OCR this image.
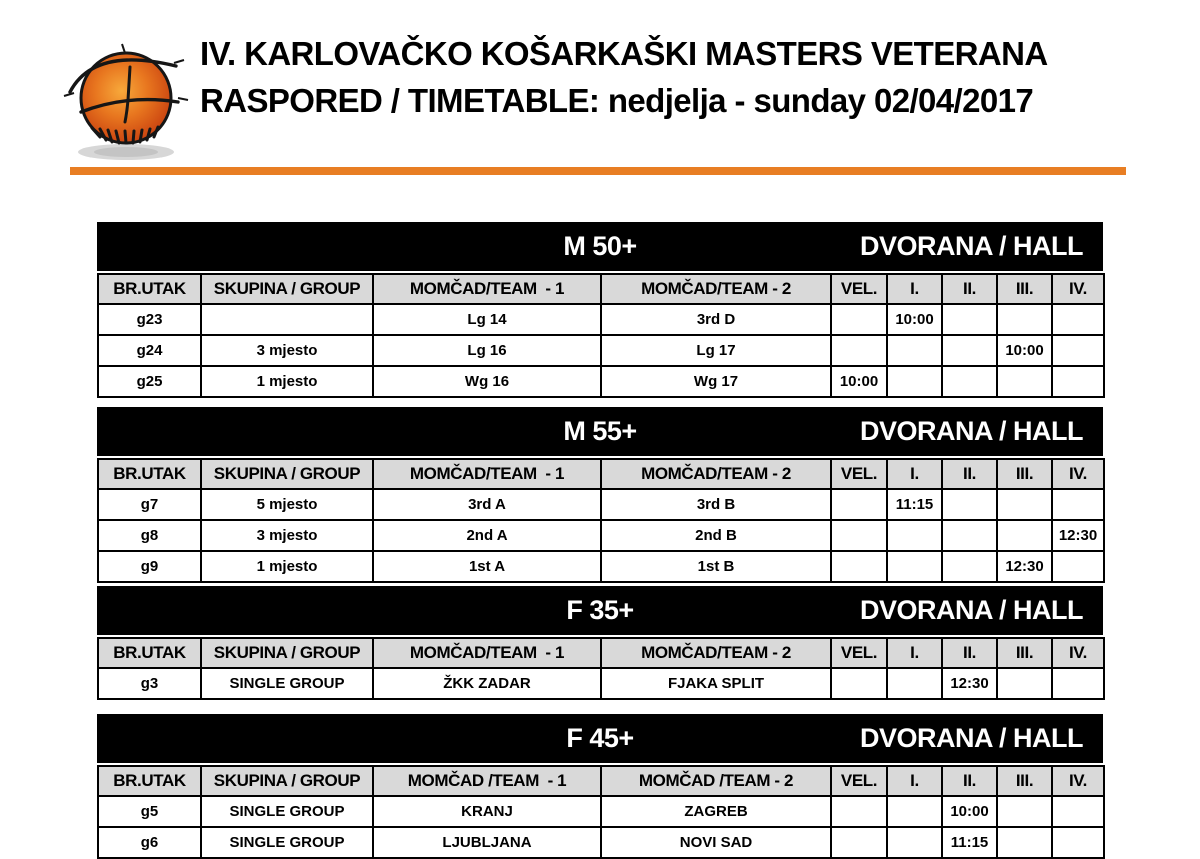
IV. KARLOVAČKO KOŠARKAŠKI MASTERS VETERANA
RASPORED / TIMETABLE: nedjelja - sunday 02/04/2017
M 50+	DVORANA / HALL
BR.UTAK	SKUPINA / GROUP	MOMČAD/TEAM  - 1	MOMČAD/TEAM - 2	VEL.	I.	II.	III.	IV.
g23		Lg 14	3rd D		10:00			
g24	3 mjesto	Lg 16	Lg 17				10:00	
g25	1 mjesto	Wg 16	Wg 17	10:00				
M 55+	DVORANA / HALL
BR.UTAK	SKUPINA / GROUP	MOMČAD/TEAM  - 1	MOMČAD/TEAM - 2	VEL.	I.	II.	III.	IV.
g7	5 mjesto	3rd A	3rd B		11:15			
g8	3 mjesto	2nd A	2nd B					12:30
g9	1 mjesto	1st A	1st B				12:30	
F 35+	DVORANA / HALL
BR.UTAK	SKUPINA / GROUP	MOMČAD/TEAM  - 1	MOMČAD/TEAM - 2	VEL.	I.	II.	III.	IV.
g3	SINGLE GROUP	ŽKK ZADAR	FJAKA SPLIT			12:30		
F 45+	DVORANA / HALL
BR.UTAK	SKUPINA / GROUP	MOMČAD /TEAM  - 1	MOMČAD /TEAM - 2	VEL.	I.	II.	III.	IV.
g5	SINGLE GROUP	KRANJ	ZAGREB			10:00		
g6	SINGLE GROUP	LJUBLJANA	NOVI SAD			11:15		
